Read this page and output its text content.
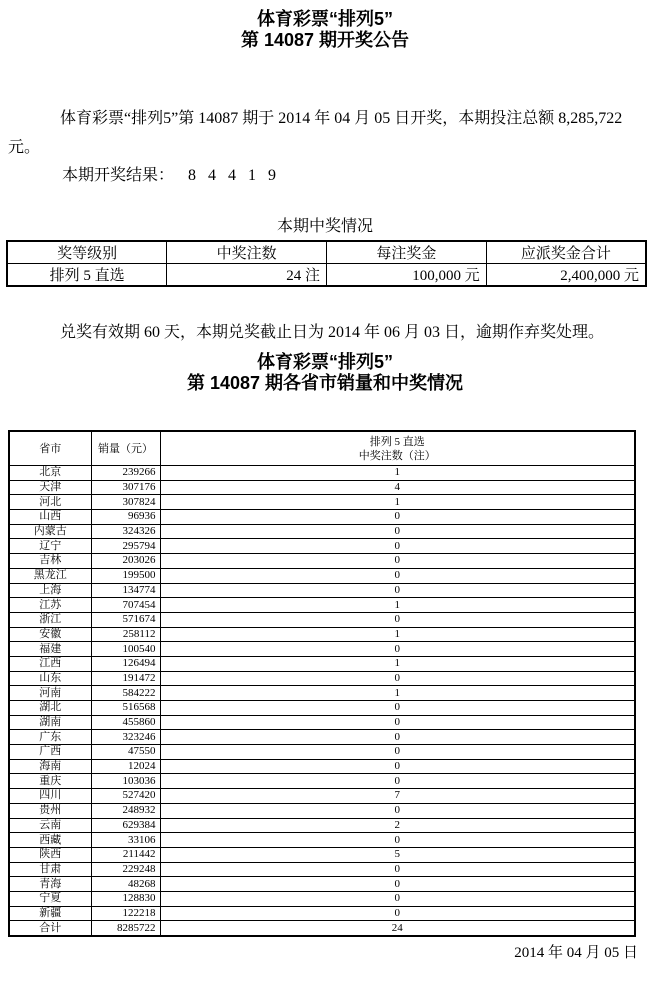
体育彩票“排列5”
第 14087 期开奖公告

体育彩票“排列5”第 14087 期于 2014 年 04 月 05 日开奖，本期投注总额 8,285,722 元。

本期开奖结果： 8 4 4 1 9

本期中奖情况
奖等级别	中奖注数	每注奖金	应派奖金合计
排列 5 直选	24 注	100,000 元	2,400,000 元

兑奖有效期 60 天，本期兑奖截止日为 2014 年 06 月 03 日，逾期作弃奖处理。

体育彩票“排列5”
第 14087 期各省市销量和中奖情况
省市	销量（元）	排列 5 直选
中奖注数（注）

北京	239266	1
天津	307176	4
河北	307824	1
山西	96936	0
内蒙古	324326	0
辽宁	295794	0
吉林	203026	0
黑龙江	199500	0
上海	134774	0
江苏	707454	1
浙江	571674	0
安徽	258112	1
福建	100540	0
江西	126494	1
山东	191472	0
河南	584222	1
湖北	516568	0
湖南	455860	0
广东	323246	0
广西	47550	0
海南	12024	0
重庆	103036	0
四川	527420	7
贵州	248932	0
云南	629384	2
西藏	33106	0
陕西	211442	5
甘肃	229248	0
青海	48268	0
宁夏	128830	0
新疆	122218	0
合计	8285722	24
2014 年 04 月 05 日
